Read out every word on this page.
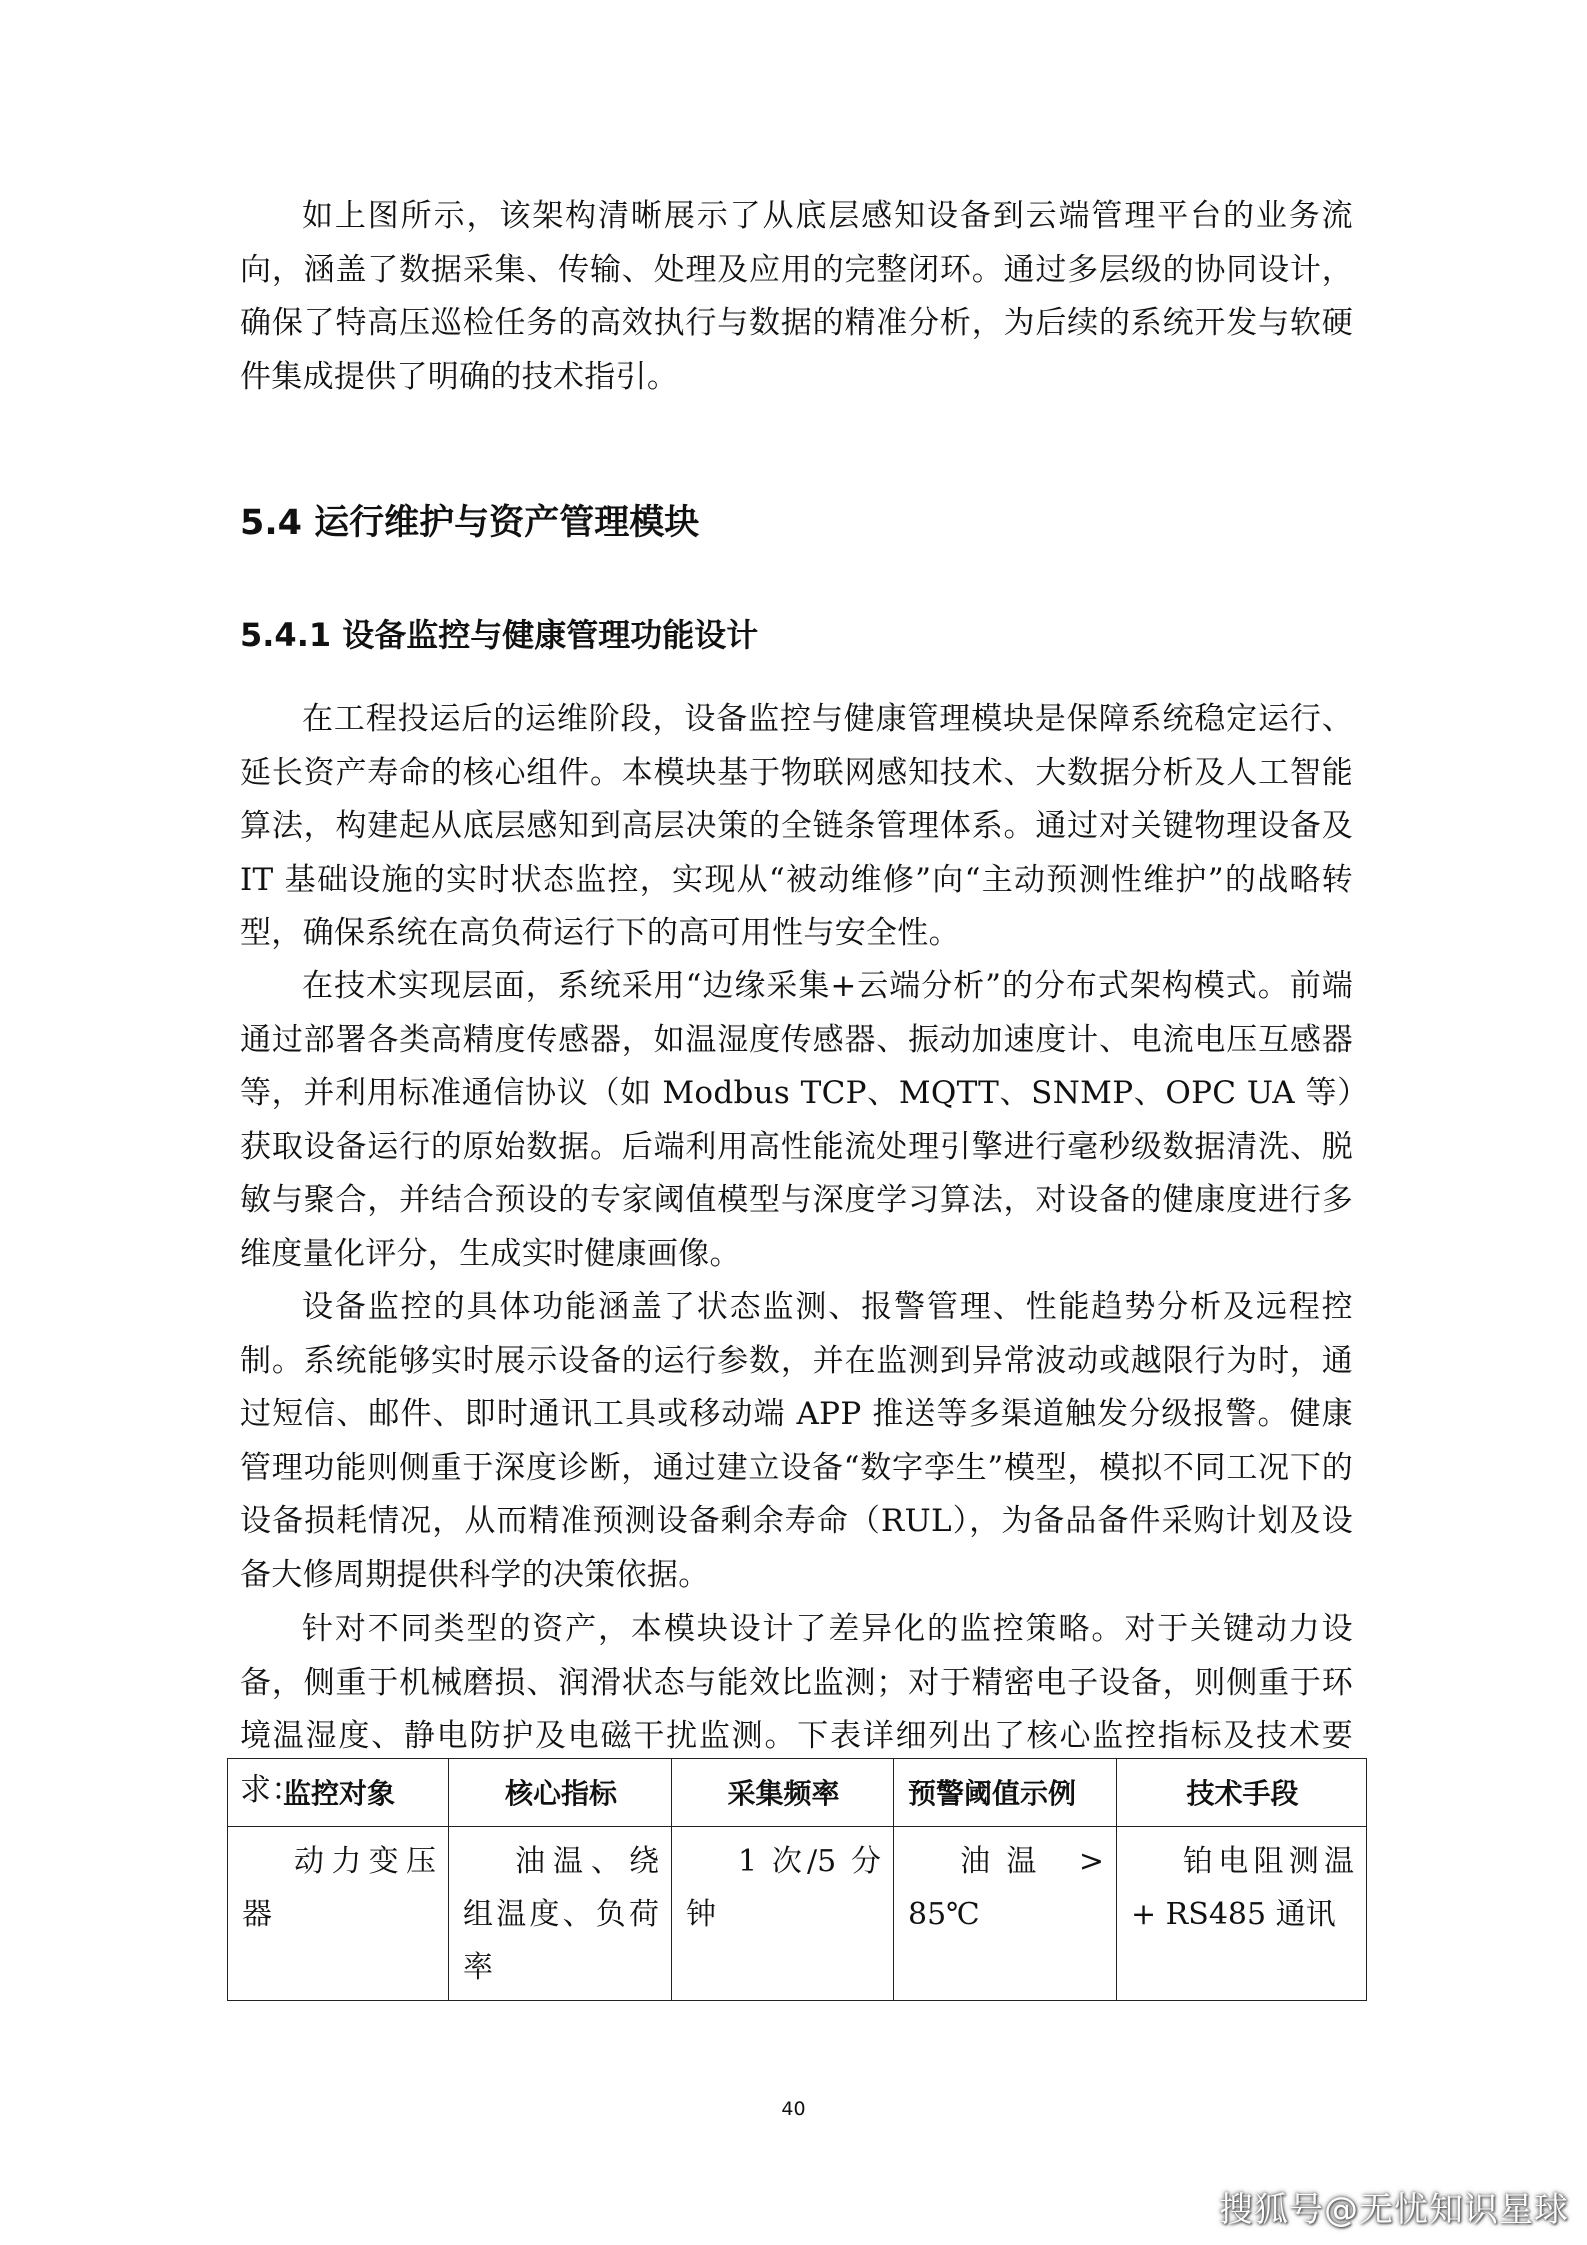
如上图所示，该架构清晰展示了从底层感知设备到云端管理平台的业务流向，涵盖了数据采集、传输、处理及应用的完整闭环。通过多层级的协同设计，确保了特高压巡检任务的高效执行与数据的精准分析，为后续的系统开发与软硬件集成提供了明确的技术指引。

5.4 运行维护与资产管理模块
5.4.1 设备监控与健康管理功能设计

在工程投运后的运维阶段，设备监控与健康管理模块是保障系统稳定运行、延长资产寿命的核心组件。本模块基于物联网感知技术、大数据分析及人工智能算法，构建起从底层感知到高层决策的全链条管理体系。通过对关键物理设备及 IT 基础设施的实时状态监控，实现从“被动维修”向“主动预测性维护”的战略转型，确保系统在高负荷运行下的高可用性与安全性。

在技术实现层面，系统采用“边缘采集+云端分析”的分布式架构模式。前端通过部署各类高精度传感器，如温湿度传感器、振动加速度计、电流电压互感器等，并利用标准通信协议（如 Modbus TCP、MQTT、SNMP、OPC UA 等）获取设备运行的原始数据。后端利用高性能流处理引擎进行毫秒级数据清洗、脱敏与聚合，并结合预设的专家阈值模型与深度学习算法，对设备的健康度进行多维度量化评分，生成实时健康画像。

设备监控的具体功能涵盖了状态监测、报警管理、性能趋势分析及远程控制。系统能够实时展示设备的运行参数，并在监测到异常波动或越限行为时，通过短信、邮件、即时通讯工具或移动端 APP 推送等多渠道触发分级报警。健康管理功能则侧重于深度诊断，通过建立设备“数字孪生”模型，模拟不同工况下的设备损耗情况，从而精准预测设备剩余寿命（RUL），为备品备件采购计划及设备大修周期提供科学的决策依据。

针对不同类型的资产，本模块设计了差异化的监控策略。对于关键动力设备，侧重于机械磨损、润滑状态与能效比监测；对于精密电子设备，则侧重于环境温湿度、静电防护及电磁干扰监测。下表详细列出了核心监控指标及技术要求：

监控对象	核心指标	采集频率	预警阈值示例	技术手段
动力变压器	油温、绕组温度、负荷率	1 次/5 分钟	油温 > 85℃	铂电阻测温 + RS485 通讯
40
搜狐号@无忧知识星球
